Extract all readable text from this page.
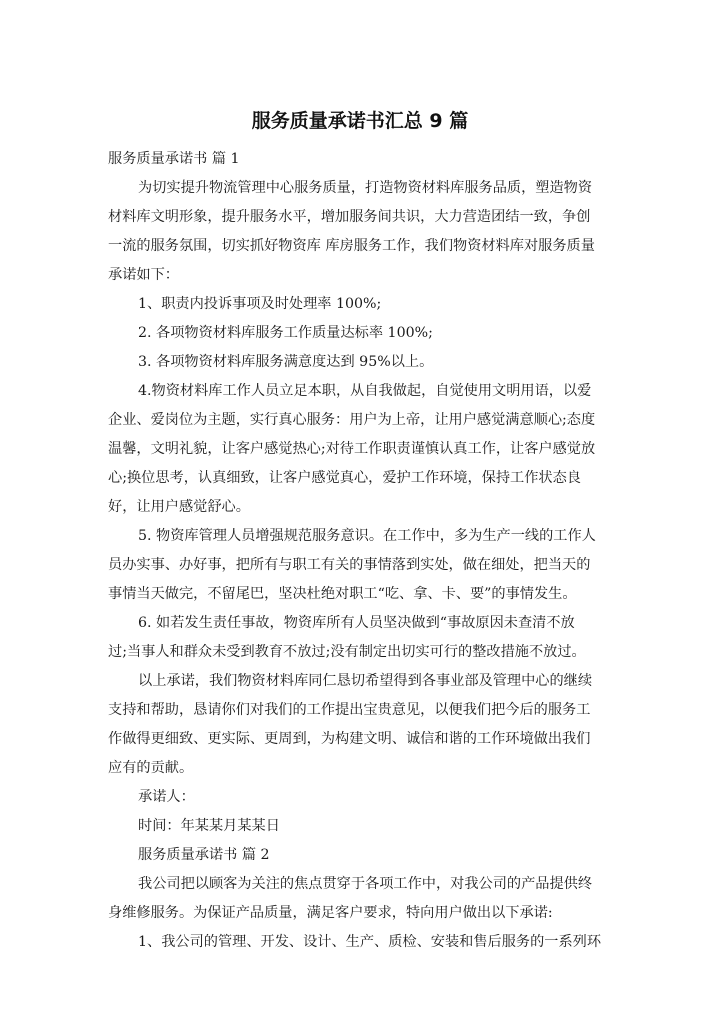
服务质量承诺书汇总 9 篇
服务质量承诺书 篇 1
为切实提升物流管理中心服务质量，打造物资材料库服务品质，塑造物资
材料库文明形象，提升服务水平，增加服务间共识，大力营造团结一致，争创
一流的服务氛围，切实抓好物资库 库房服务工作，我们物资材料库对服务质量
承诺如下：
1、职责内投诉事项及时处理率 100%;
2. 各项物资材料库服务工作质量达标率 100%;
3. 各项物资材料库服务满意度达到 95%以上。
4.物资材料库工作人员立足本职，从自我做起，自觉使用文明用语，以爱
企业、爱岗位为主题，实行真心服务：用户为上帝，让用户感觉满意顺心;态度
温馨，文明礼貌，让客户感觉热心;对待工作职责谨慎认真工作，让客户感觉放
心;换位思考，认真细致，让客户感觉真心，爱护工作环境，保持工作状态良
好，让用户感觉舒心。
5. 物资库管理人员增强规范服务意识。在工作中，多为生产一线的工作人
员办实事、办好事，把所有与职工有关的事情落到实处，做在细处，把当天的
事情当天做完，不留尾巴，坚决杜绝对职工“吃、拿、卡、要”的事情发生。
6. 如若发生责任事故，物资库所有人员坚决做到“事故原因未查清不放
过;当事人和群众未受到教育不放过;没有制定出切实可行的整改措施不放过。
以上承诺，我们物资材料库同仁恳切希望得到各事业部及管理中心的继续
支持和帮助，恳请你们对我们的工作提出宝贵意见，以便我们把今后的服务工
作做得更细致、更实际、更周到，为构建文明、诚信和谐的工作环境做出我们
应有的贡献。
承诺人：
时间：年某某月某某日
服务质量承诺书 篇 2
我公司把以顾客为关注的焦点贯穿于各项工作中，对我公司的产品提供终
身维修服务。为保证产品质量，满足客户要求，特向用户做出以下承诺:
1、我公司的管理、开发、设计、生产、质检、安装和售后服务的一系列环
